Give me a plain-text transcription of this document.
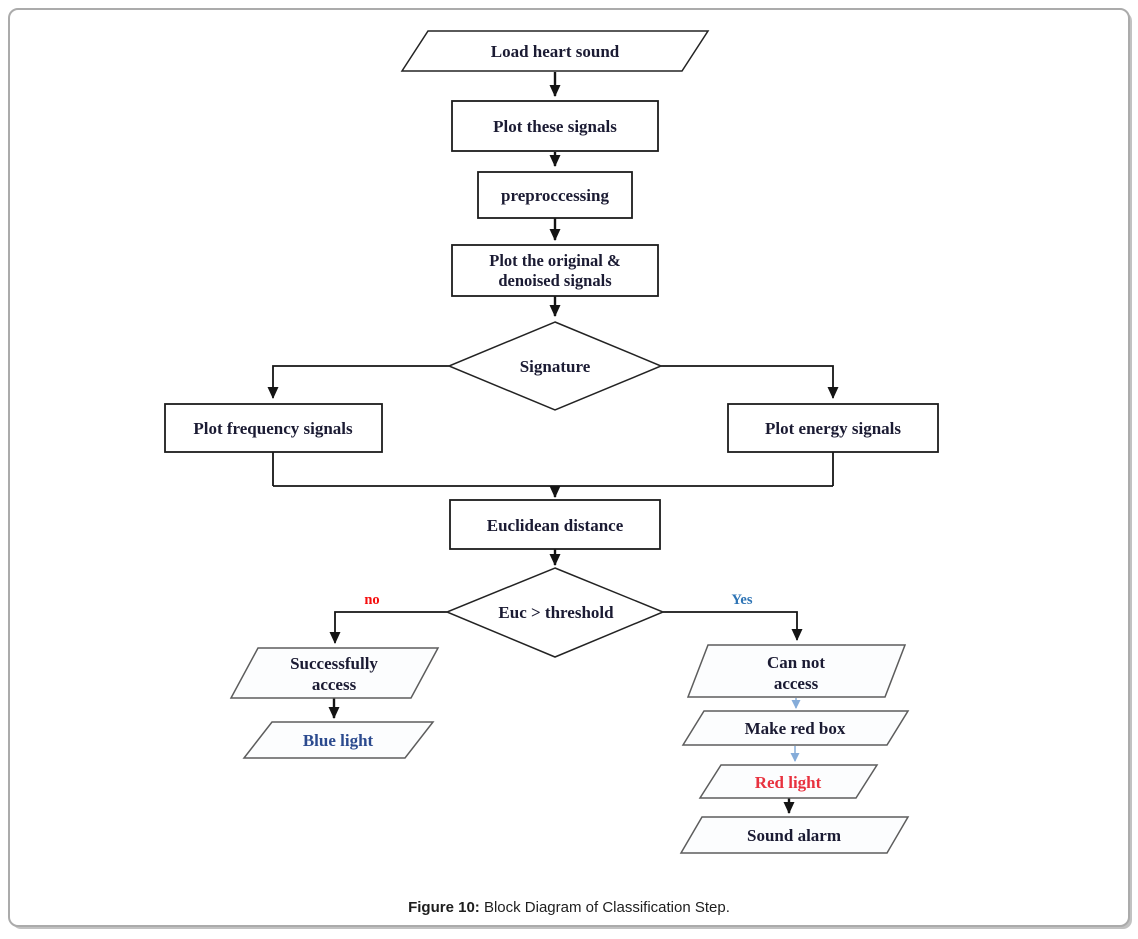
Load heart sound
Plot these signals
preproccessing
Plot the original &
denoised signals
Signature
Plot frequency signals	Plot energy signals
Euclidean distance
Euc > threshold
no	Yes
Successfully
access
Blue light
Can not
access
Make red box
Red light
Sound alarm
Figure 10: Block Diagram of Classification Step.
